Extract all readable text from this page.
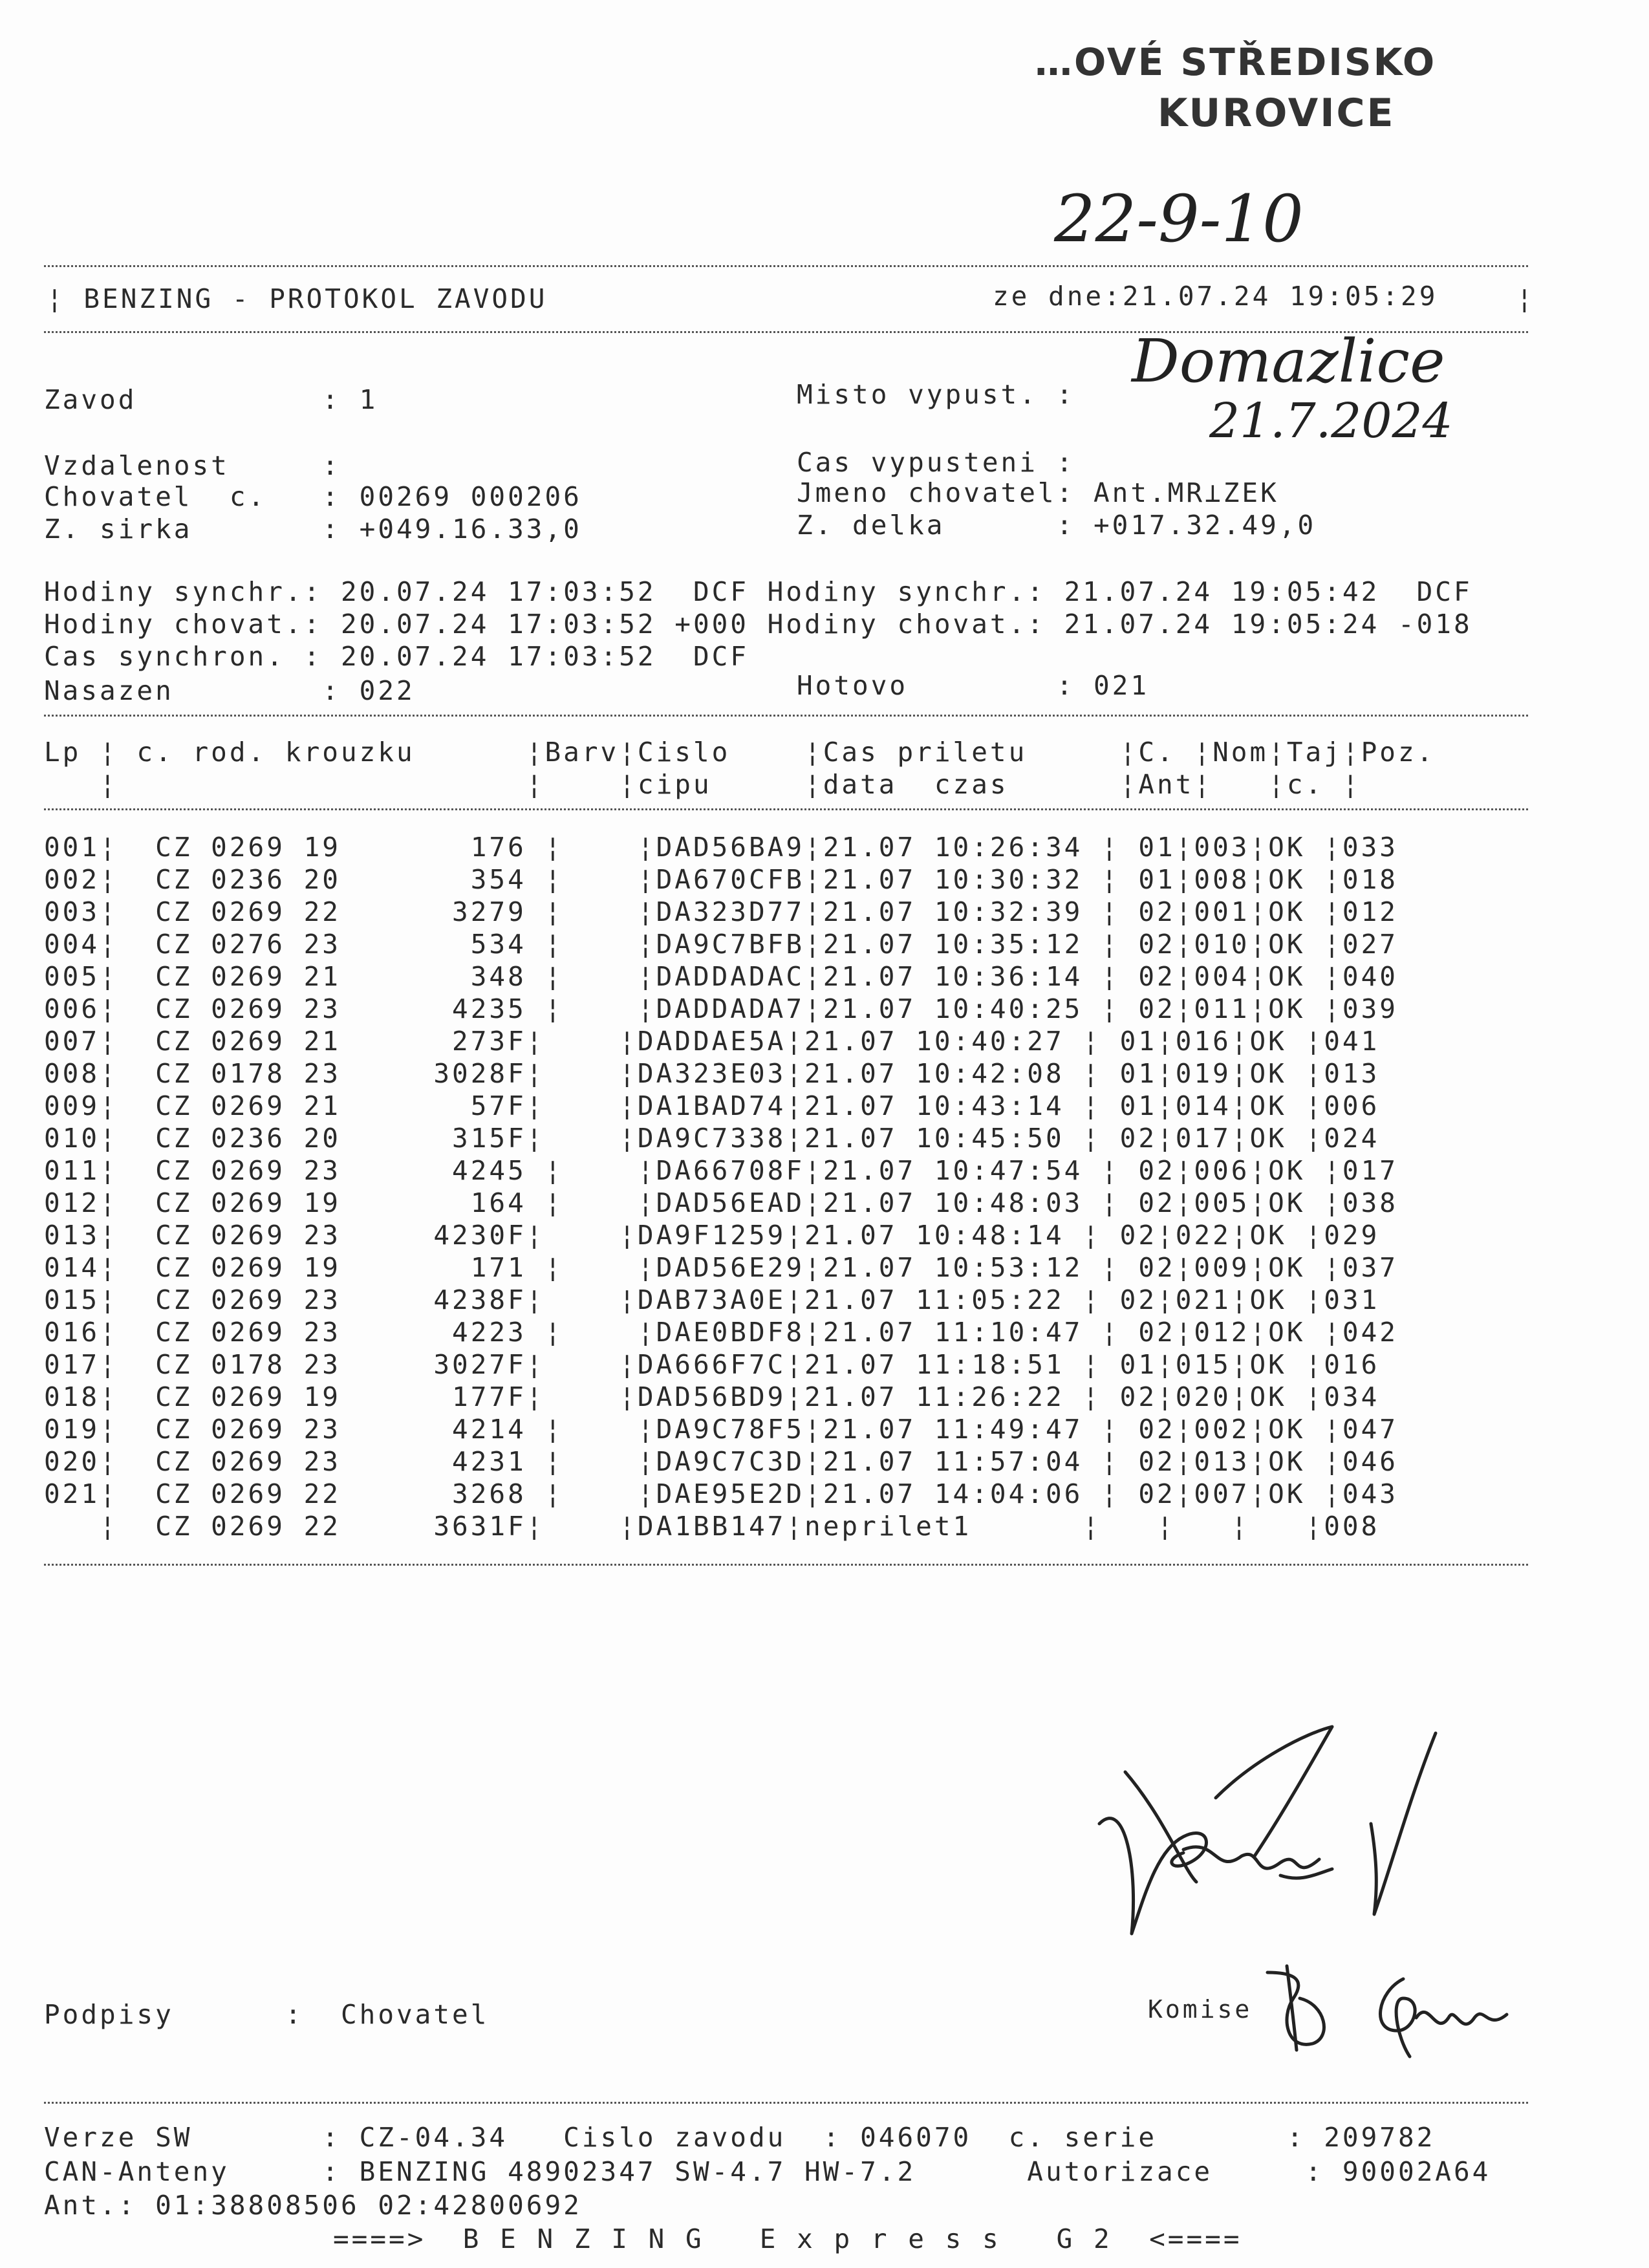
…OVÉ STŘEDISKO
KUROVICE
22-9-10
¦ BENZING - PROTOKOL ZAVODU	ze dne:21.07.24 19:05:29	¦
Domazlice
21.7.2024
Zavod          : 1	Misto vypust. :
Vzdalenost     :	Cas vypusteni :
Chovatel  c.   : 00269 000206	Jmeno chovatel: Ant.MR⊥ZEK
Z. sirka       : +049.16.33,0	Z. delka      : +017.32.49,0
Hodiny synchr.: 20.07.24 17:03:52  DCF Hodiny synchr.: 21.07.24 19:05:42  DCF
Hodiny chovat.: 20.07.24 17:03:52 +000 Hodiny chovat.: 21.07.24 19:05:24 -018
Cas synchron. : 20.07.24 17:03:52  DCF
Nasazen        : 022	Hotovo        : 021
Lp ¦ c. rod. krouzku      ¦Barv¦Cislo    ¦Cas priletu     ¦C. ¦Nom¦Taj¦Poz.
¦                      ¦    ¦cipu     ¦data  czas      ¦Ant¦   ¦c. ¦
001¦  CZ 0269 19       176 ¦    ¦DAD56BA9¦21.07 10:26:34 ¦ 01¦003¦OK ¦033
002¦  CZ 0236 20       354 ¦    ¦DA670CFB¦21.07 10:30:32 ¦ 01¦008¦OK ¦018
003¦  CZ 0269 22      3279 ¦    ¦DA323D77¦21.07 10:32:39 ¦ 02¦001¦OK ¦012
004¦  CZ 0276 23       534 ¦    ¦DA9C7BFB¦21.07 10:35:12 ¦ 02¦010¦OK ¦027
005¦  CZ 0269 21       348 ¦    ¦DADDADAC¦21.07 10:36:14 ¦ 02¦004¦OK ¦040
006¦  CZ 0269 23      4235 ¦    ¦DADDADA7¦21.07 10:40:25 ¦ 02¦011¦OK ¦039
007¦  CZ 0269 21      273F¦    ¦DADDAE5A¦21.07 10:40:27 ¦ 01¦016¦OK ¦041
008¦  CZ 0178 23     3028F¦    ¦DA323E03¦21.07 10:42:08 ¦ 01¦019¦OK ¦013
009¦  CZ 0269 21       57F¦    ¦DA1BAD74¦21.07 10:43:14 ¦ 01¦014¦OK ¦006
010¦  CZ 0236 20      315F¦    ¦DA9C7338¦21.07 10:45:50 ¦ 02¦017¦OK ¦024
011¦  CZ 0269 23      4245 ¦    ¦DA66708F¦21.07 10:47:54 ¦ 02¦006¦OK ¦017
012¦  CZ 0269 19       164 ¦    ¦DAD56EAD¦21.07 10:48:03 ¦ 02¦005¦OK ¦038
013¦  CZ 0269 23     4230F¦    ¦DA9F1259¦21.07 10:48:14 ¦ 02¦022¦OK ¦029
014¦  CZ 0269 19       171 ¦    ¦DAD56E29¦21.07 10:53:12 ¦ 02¦009¦OK ¦037
015¦  CZ 0269 23     4238F¦    ¦DAB73A0E¦21.07 11:05:22 ¦ 02¦021¦OK ¦031
016¦  CZ 0269 23      4223 ¦    ¦DAE0BDF8¦21.07 11:10:47 ¦ 02¦012¦OK ¦042
017¦  CZ 0178 23     3027F¦    ¦DA666F7C¦21.07 11:18:51 ¦ 01¦015¦OK ¦016
018¦  CZ 0269 19      177F¦    ¦DAD56BD9¦21.07 11:26:22 ¦ 02¦020¦OK ¦034
019¦  CZ 0269 23      4214 ¦    ¦DA9C78F5¦21.07 11:49:47 ¦ 02¦002¦OK ¦047
020¦  CZ 0269 23      4231 ¦    ¦DA9C7C3D¦21.07 11:57:04 ¦ 02¦013¦OK ¦046
021¦  CZ 0269 22      3268 ¦    ¦DAE95E2D¦21.07 14:04:06 ¦ 02¦007¦OK ¦043
¦  CZ 0269 22     3631F¦    ¦DA1BB147¦neprilet1      ¦   ¦   ¦   ¦008
Podpisy      :  Chovatel	Komise
Verze SW       : CZ-04.34   Cislo zavodu  : 046070  c. serie       : 209782
CAN-Anteny     : BENZING 48902347 SW-4.7 HW-7.2      Autorizace     : 90002A64
Ant.: 01:38808506 02:42800692
====>  B E N Z I N G   E x p r e s s   G 2  <====
